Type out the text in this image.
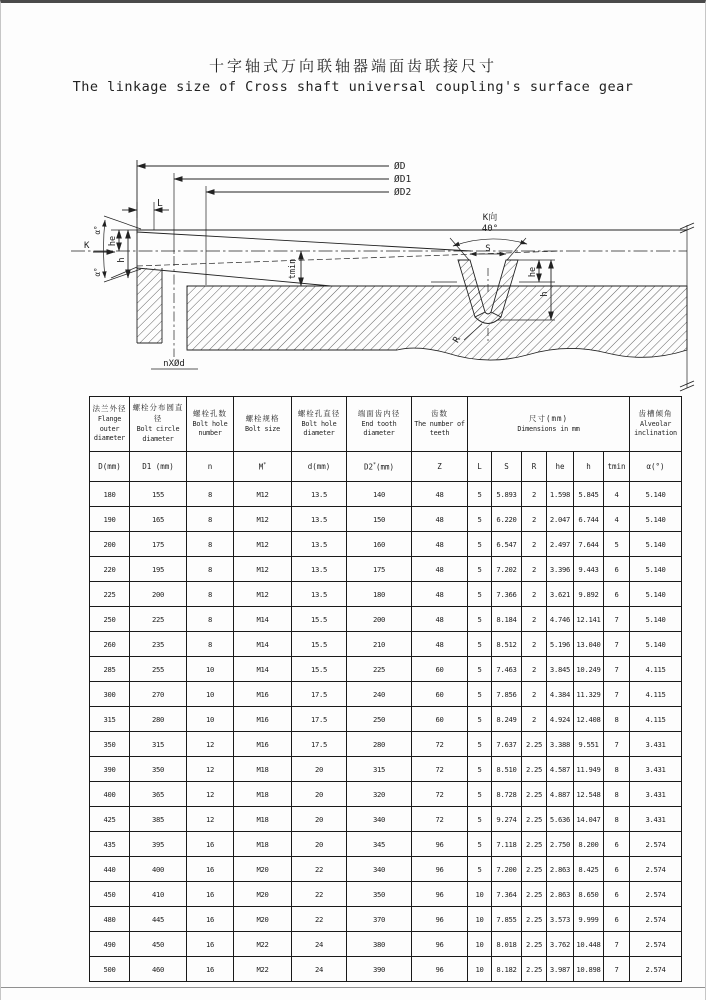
十字轴式万向联轴器端面齿联接尺寸
The linkage size of Cross shaft universal coupling's surface gear
ØD
ØD1
ØD2
L
K
α°
he
h
α°	tmin
nXØd
K向
40°
S
he
h
R
法兰外径
Flange outer diameter

螺栓分布圆直径
Bolt circle diameter

螺栓孔数
Bolt hole number

螺栓规格
Bolt size

螺栓孔直径
Bolt hole diameter

端面齿内径
End tooth diameter

齿数
The number of teeth

尺寸(mm)
Dimensions in mm

齿槽倾角
Alveolar inclination

D(mm)	D1 (mm)	n	M*	d(mm)	D2*(mm)	Z	L	S	R	he	h	tmin	α(°)
180	155	8	M12	13.5	140	48	5	5.893	2	1.598	5.845	4	5.140
190	165	8	M12	13.5	150	48	5	6.220	2	2.047	6.744	4	5.140
200	175	8	M12	13.5	160	48	5	6.547	2	2.497	7.644	5	5.140
220	195	8	M12	13.5	175	48	5	7.202	2	3.396	9.443	6	5.140
225	200	8	M12	13.5	180	48	5	7.366	2	3.621	9.892	6	5.140
250	225	8	M14	15.5	200	48	5	8.184	2	4.746	12.141	7	5.140
260	235	8	M14	15.5	210	48	5	8.512	2	5.196	13.040	7	5.140
285	255	10	M14	15.5	225	60	5	7.463	2	3.845	10.249	7	4.115
300	270	10	M16	17.5	240	60	5	7.856	2	4.384	11.329	7	4.115
315	280	10	M16	17.5	250	60	5	8.249	2	4.924	12.408	8	4.115
350	315	12	M16	17.5	280	72	5	7.637	2.25	3.388	9.551	7	3.431
390	350	12	M18	20	315	72	5	8.510	2.25	4.587	11.949	8	3.431
400	365	12	M18	20	320	72	5	8.728	2.25	4.887	12.548	8	3.431
425	385	12	M18	20	340	72	5	9.274	2.25	5.636	14.047	8	3.431
435	395	16	M18	20	345	96	5	7.118	2.25	2.750	8.200	6	2.574
440	400	16	M20	22	340	96	5	7.200	2.25	2.863	8.425	6	2.574
450	410	16	M20	22	350	96	10	7.364	2.25	2.863	8.650	6	2.574
480	445	16	M20	22	370	96	10	7.855	2.25	3.573	9.999	6	2.574
490	450	16	M22	24	380	96	10	8.018	2.25	3.762	10.448	7	2.574
500	460	16	M22	24	390	96	10	8.182	2.25	3.987	10.898	7	2.574
